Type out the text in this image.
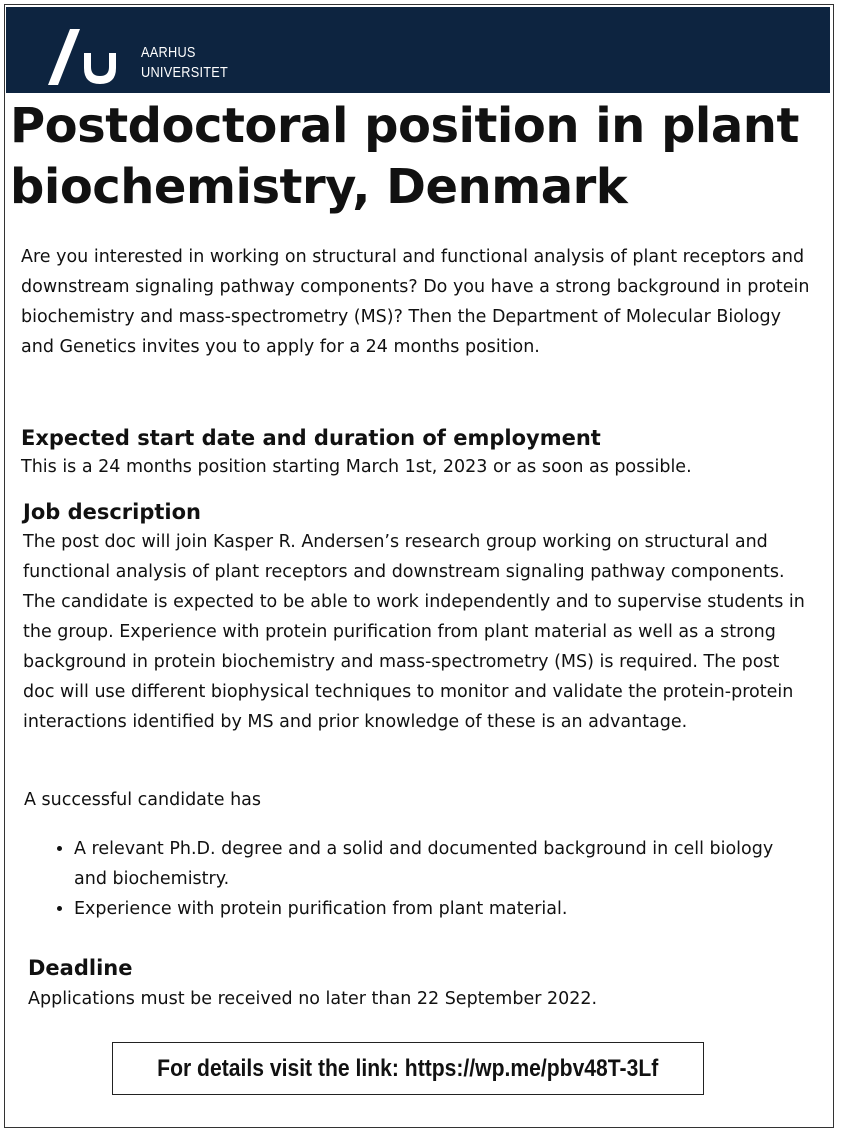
AARHUS
UNIVERSITET
Postdoctoral position in plant biochemistry, Denmark

Are you interested in working on structural and functional analysis of plant receptors and downstream signaling pathway components? Do you have a strong background in protein biochemistry and mass-spectrometry (MS)? Then the Department of Molecular Biology and Genetics invites you to apply for a 24 months position.

Expected start date and duration of employment

This is a 24 months position starting March 1st, 2023 or as soon as possible.

Job description

The post doc will join Kasper R. Andersen’s research group working on structural and functional analysis of plant receptors and downstream signaling pathway components. The candidate is expected to be able to work independently and to supervise students in the group. Experience with protein purification from plant material as well as a strong background in protein biochemistry and mass-spectrometry (MS) is required. The post doc will use different biophysical techniques to monitor and validate the protein-protein interactions identified by MS and prior knowledge of these is an advantage.

A successful candidate has

• A relevant Ph.D. degree and a solid and documented background in cell biology and biochemistry.
• Experience with protein purification from plant material.
Deadline

Applications must be received no later than 22 September 2022.

For details visit the link: https://wp.me/pbv48T-3Lf
